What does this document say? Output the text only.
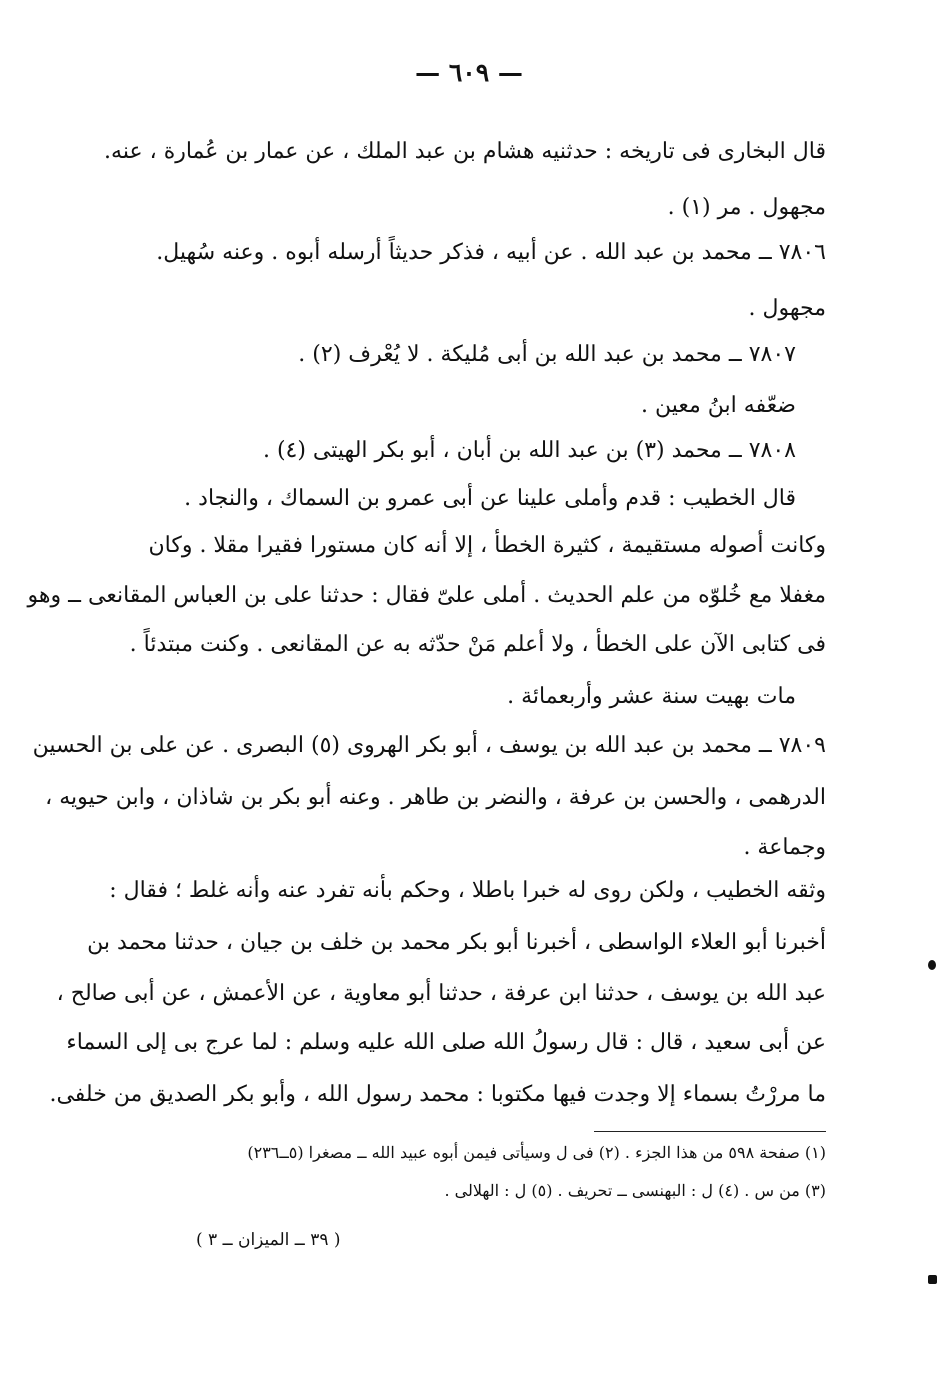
— ٦٠٩ —
قال البخارى فى تاريخه : حدثنيه هشام بن عبد الملك ، عن عمار بن عُمارة ، عنه.
مجهول . مر (١) .
٧٨٠٦ ــ محمد بن عبد الله . عن أبيه ، فذكر حديثاً أرسله أبوه . وعنه سُهيل.
مجهول .
٧٨٠٧ ــ محمد بن عبد الله بن أبى مُليكة . لا يُعْرف (٢) .
ضعّفه ابنُ معين .
٧٨٠٨ ــ محمد (٣) بن عبد الله بن أبان ، أبو بكر الهيتى (٤) .
قال الخطيب : قدم وأملى علينا عن أبى عمرو بن السماك ، والنجاد .
وكانت أصوله مستقيمة ، كثيرة الخطأ ، إلا أنه كان مستورا فقيرا مقلا . وكان
مغفلا مع خُلوّه من علم الحديث . أملى علىّ فقال : حدثنا على بن العباس المقانعى ــ وهو
فى كتابى الآن على الخطأ ، ولا أعلم مَنْ حدّثه به عن المقانعى . وكنت مبتدئاً .
مات بهيت سنة عشر وأربعمائة .
٧٨٠٩ ــ محمد بن عبد الله بن يوسف ، أبو بكر الهروى (٥) البصرى . عن على بن الحسين
الدرهمى ، والحسن بن عرفة ، والنضر بن طاهر . وعنه أبو بكر بن شاذان ، وابن حيويه ،
وجماعة .
وثقه الخطيب ، ولكن روى له خبرا باطلا ، وحكم بأنه تفرد عنه وأنه غلط ؛ فقال :
أخبرنا أبو العلاء الواسطى ، أخبرنا أبو بكر محمد بن خلف بن جيان ، حدثنا محمد بن
عبد الله بن يوسف ، حدثنا ابن عرفة ، حدثنا أبو معاوية ، عن الأعمش ، عن أبى صالح ،
عن أبى سعيد ، قال : قال رسولُ الله صلى الله عليه وسلم : لما عرج بى إلى السماء
ما مررْتُ بسماء إلا وجدت فيها مكتوبا : محمد رسول الله ، وأبو بكر الصديق من خلفى.
(١) صفحة ٥٩٨ من هذا الجزء . (٢) فى ل وسيأتى فيمن أبوه عبيد الله ــ مصغرا (٥ــ٢٣٦)
(٣) من س . (٤) ل : البهنسى ــ تحريف . (٥) ل : الهلالى .
( ٣٩ ــ الميزان ــ ٣ )
